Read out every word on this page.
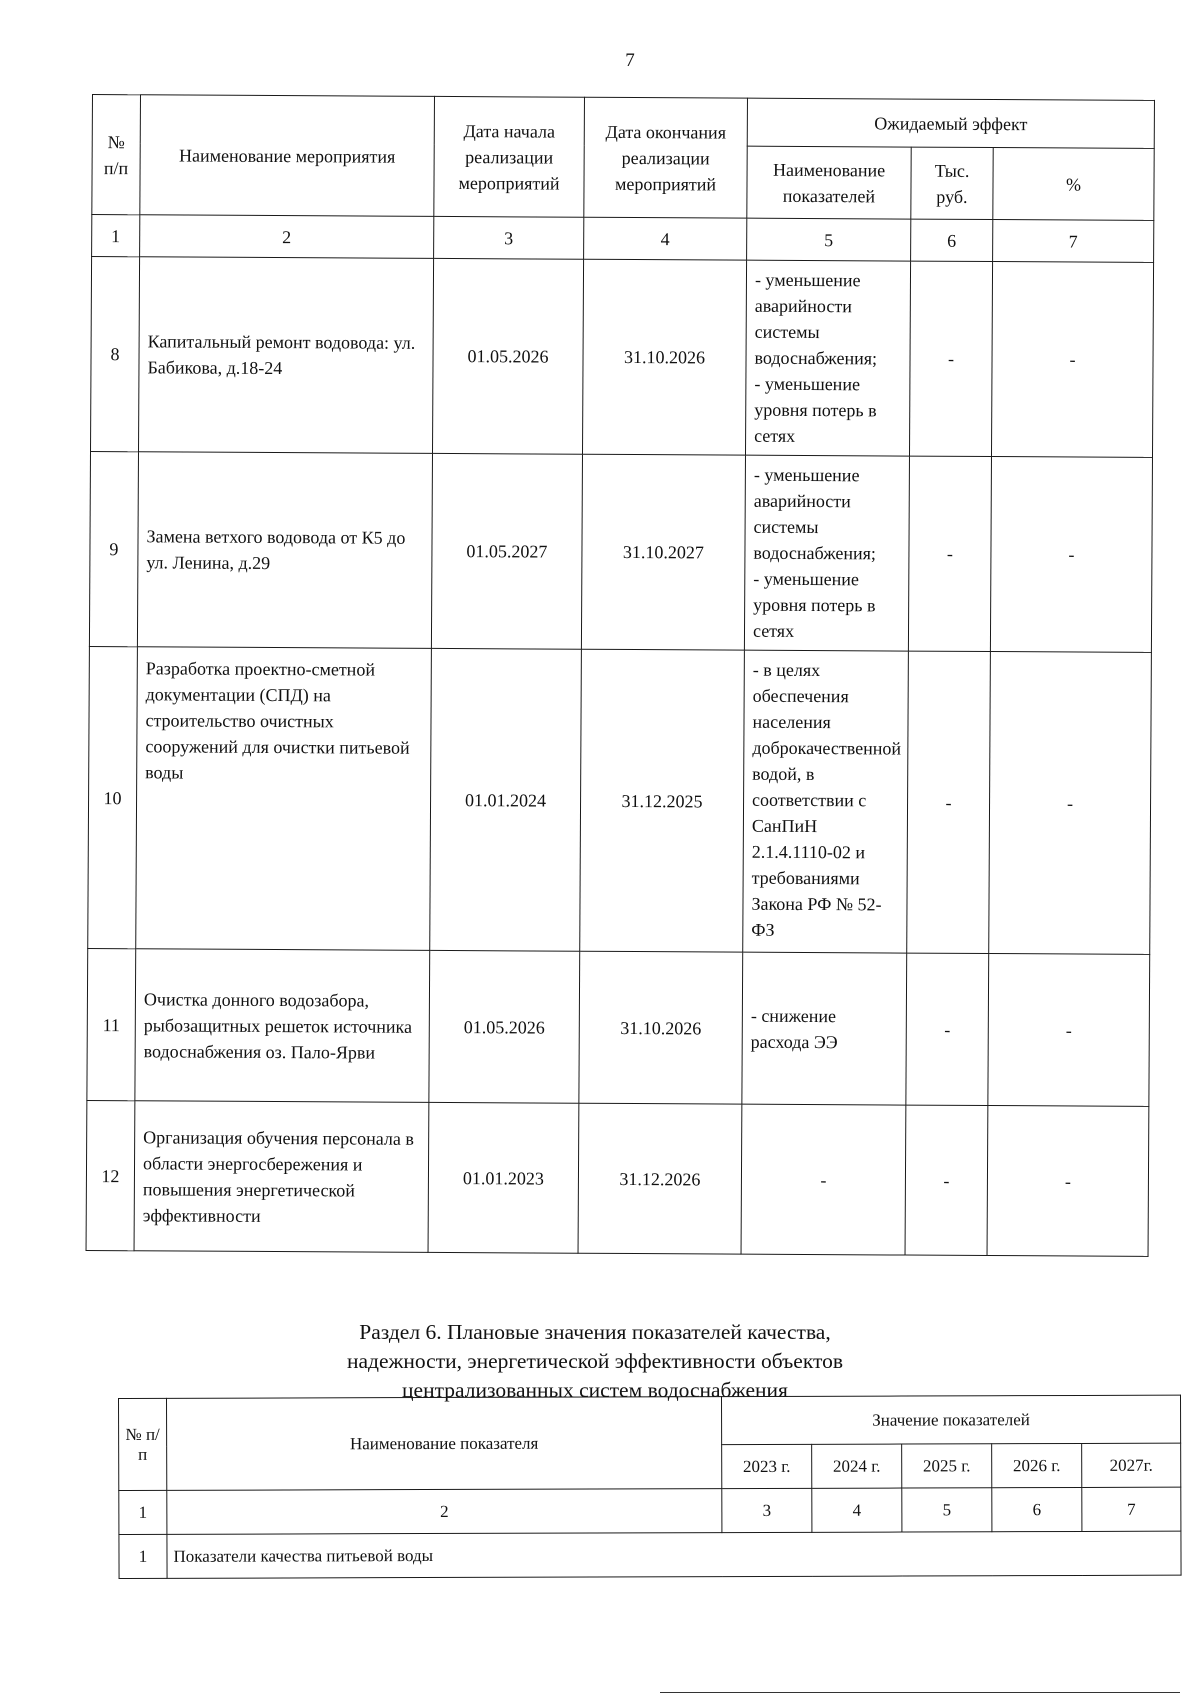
7
№ п/п	Наименование мероприятия	Дата начала реализации мероприятий	Дата окончания реализации мероприятий	Ожидаемый эффект		
				Наименование показателей	Тыс. руб.	%
1	2	3	4	5	6	7
8	Капитальный ремонт водовода: ул. Бабикова, д.18-24	01.05.2026	31.10.2026	- уменьшение аварийности системы водоснабжения;
- уменьшение уровня потерь в сетях	-	-
9	Замена ветхого водовода от К5 до ул. Ленина, д.29	01.05.2027	31.10.2027	- уменьшение аварийности системы водоснабжения;
- уменьшение уровня потерь в сетях	-	-
10	Разработка проектно-сметной документации (СПД) на строительство очистных сооружений для очистки питьевой воды	01.01.2024	31.12.2025	- в целях обеспечения населения доброкачественной водой, в соответствии с СанПиН 2.1.4.1110-02 и требованиями Закона РФ № 52-ФЗ	-	-
11	Очистка донного водозабора, рыбозащитных решеток источника водоснабжения оз. Пало-Ярви	01.05.2026	31.10.2026	- снижение расхода ЭЭ	-	-
12	Организация обучения персонала в области энергосбережения и повышения энергетической эффективности	01.01.2023	31.12.2026	-	-	-
Раздел 6. Плановые значения показателей качества, надежности, энергетической эффективности объектов централизованных систем водоснабжения
№ п/п	Наименование показателя	Значение показателей				
		2023 г.	2024 г.	2025 г.	2026 г.	2027г.
1	2	3	4	5	6	7
1	Показатели качества питьевой воды					
